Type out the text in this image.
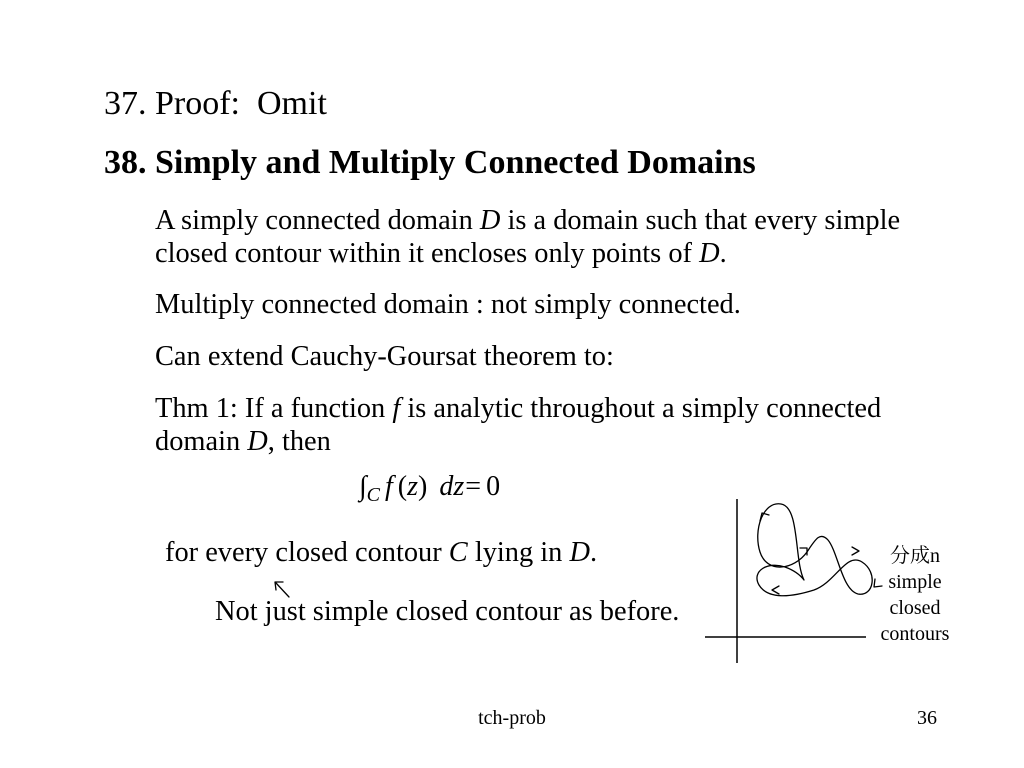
37. Proof:  Omit
38. Simply and Multiply Connected Domains
A simply connected domain D is a domain such that every simple
closed contour within it encloses only points of D.
Multiply connected domain : not simply connected.
Can extend Cauchy-Goursat theorem to:
Thm 1: If a function f is analytic throughout a simply connected
domain D, then
$\int_C$ f (z) dz= 0
for every closed contour C lying in D.
Not just simple closed contour as before.
分成n
simple
closed
contours
tch-prob	36
